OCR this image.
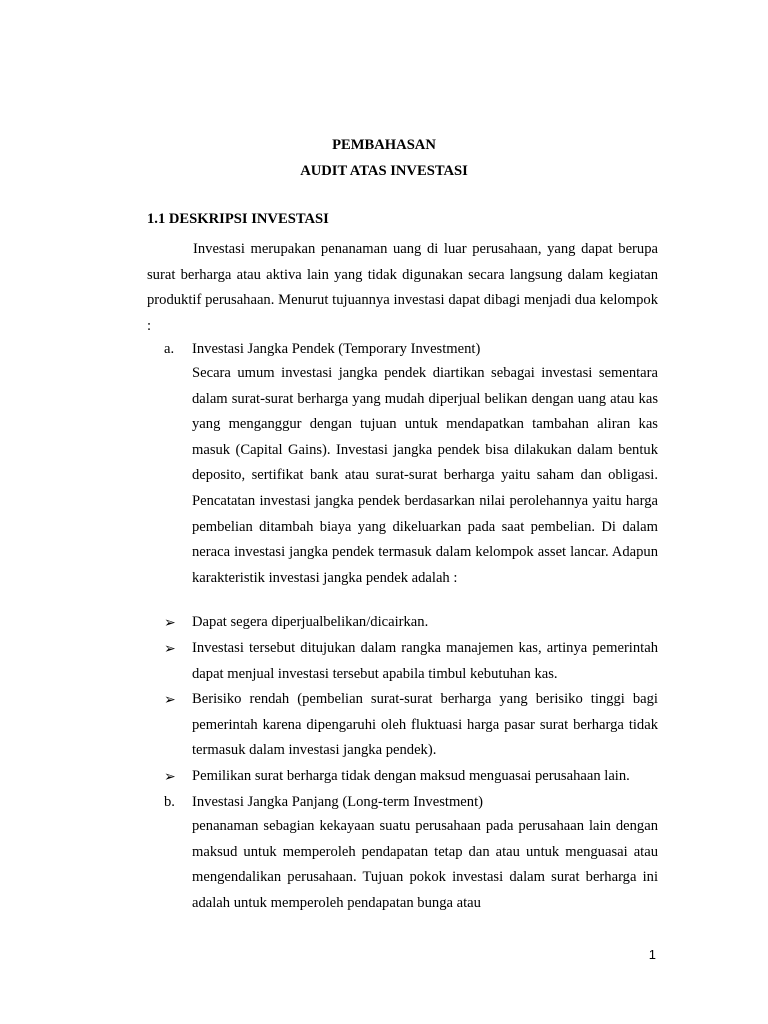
PEMBAHASAN
AUDIT ATAS INVESTASI
1.1 DESKRIPSI INVESTASI

Investasi merupakan penanaman uang di luar perusahaan, yang dapat berupa surat berharga atau aktiva lain yang tidak digunakan secara langsung dalam kegiatan produktif perusahaan. Menurut tujuannya investasi dapat dibagi menjadi dua kelompok :

a. Investasi Jangka Pendek (Temporary Investment)

Secara umum investasi jangka pendek diartikan sebagai investasi sementara dalam surat-surat berharga yang mudah diperjual belikan dengan uang atau kas yang menganggur dengan tujuan untuk mendapatkan tambahan aliran kas masuk (Capital Gains). Investasi jangka pendek bisa dilakukan dalam bentuk deposito, sertifikat bank atau surat-surat berharga yaitu saham dan obligasi. Pencatatan investasi jangka pendek berdasarkan nilai perolehannya yaitu harga pembelian ditambah biaya yang dikeluarkan pada saat pembelian. Di dalam neraca investasi jangka pendek termasuk dalam kelompok asset lancar. Adapun karakteristik investasi jangka pendek adalah :

➢ Dapat segera diperjualbelikan/dicairkan.

➢ Investasi tersebut ditujukan dalam rangka manajemen kas, artinya pemerintah dapat menjual investasi tersebut apabila timbul kebutuhan kas.

➢ Berisiko rendah (pembelian surat-surat berharga yang berisiko tinggi bagi pemerintah karena dipengaruhi oleh fluktuasi harga pasar surat berharga tidak termasuk dalam investasi jangka pendek).

➢ Pemilikan surat berharga tidak dengan maksud menguasai perusahaan lain.

b. Investasi Jangka Panjang (Long-term Investment)

penanaman sebagian kekayaan suatu perusahaan pada perusahaan lain dengan maksud untuk memperoleh pendapatan tetap dan atau untuk menguasai atau mengendalikan perusahaan. Tujuan pokok investasi dalam surat berharga ini adalah untuk memperoleh pendapatan bunga atau

1
